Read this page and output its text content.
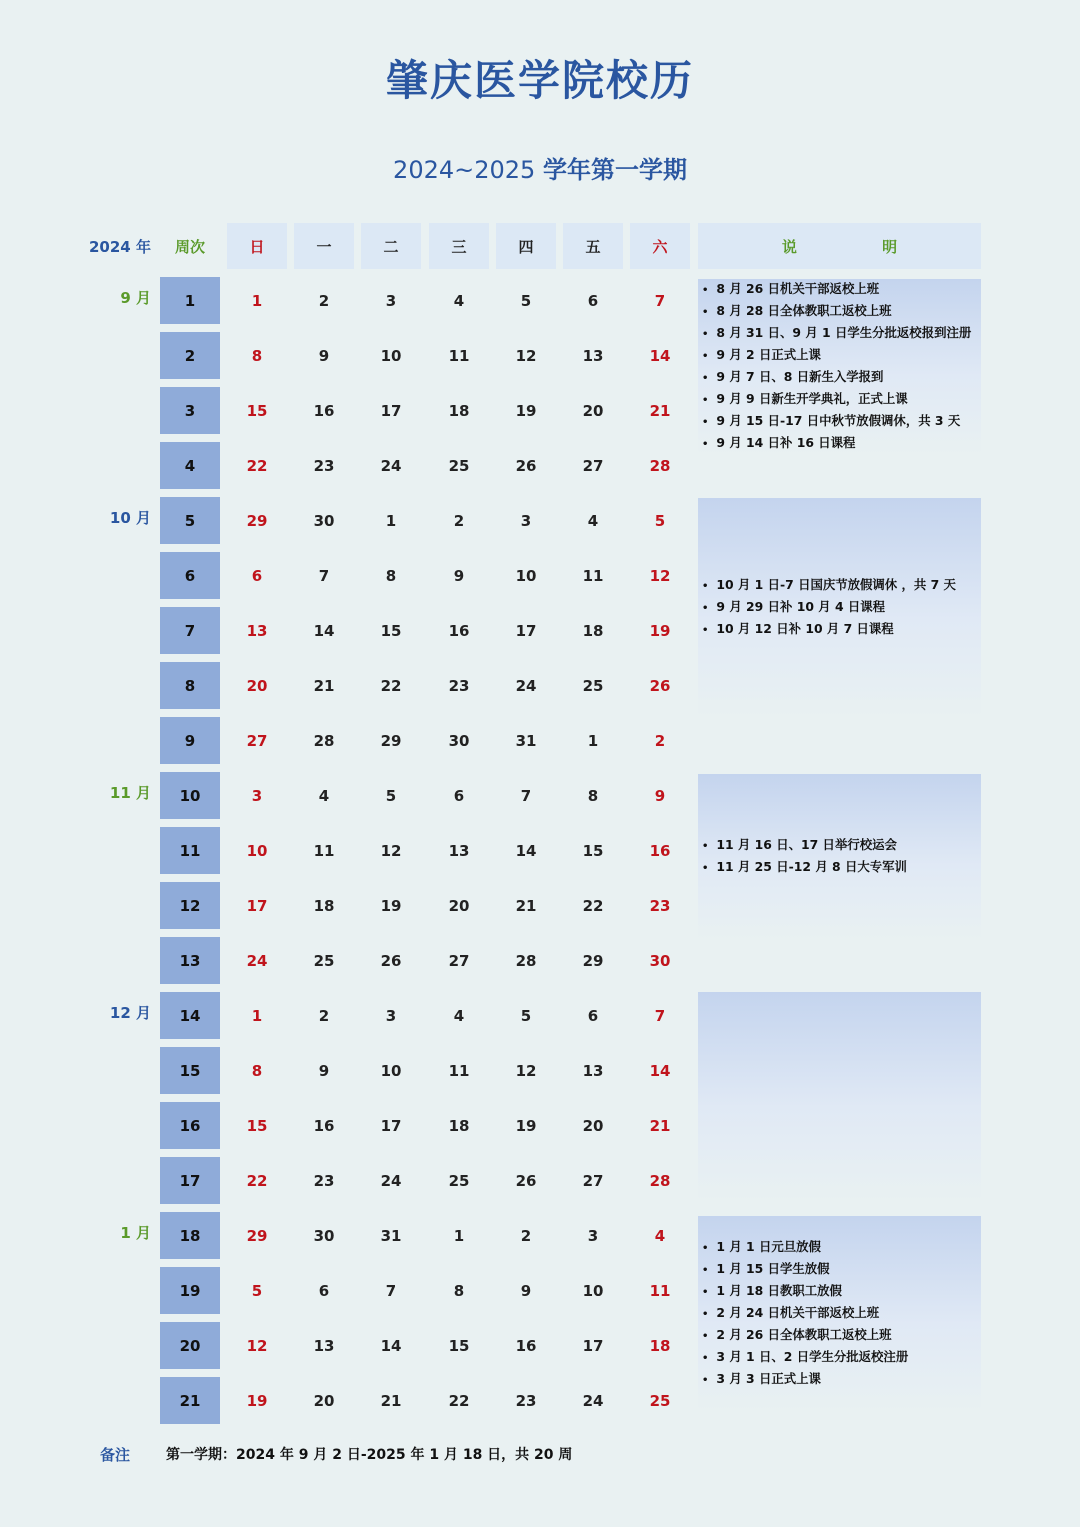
肇庆医学院校历
2024~2025 学年第一学期
2024 年	周次	日	一	二	三	四	五	六	说 明
9 月	1	1	2	3	4	5	6	7
2	8	9	10	11	12	13	14
3	15	16	17	18	19	20	21
4	22	23	24	25	26	27	28
10 月	5	29	30	1	2	3	4	5
6	6	7	8	9	10	11	12
7	13	14	15	16	17	18	19
8	20	21	22	23	24	25	26
9	27	28	29	30	31	1	2
11 月	10	3	4	5	6	7	8	9
11	10	11	12	13	14	15	16
12	17	18	19	20	21	22	23
13	24	25	26	27	28	29	30
12 月	14	1	2	3	4	5	6	7
15	8	9	10	11	12	13	14
16	15	16	17	18	19	20	21
17	22	23	24	25	26	27	28
1 月	18	29	30	31	1	2	3	4
19	5	6	7	8	9	10	11
20	12	13	14	15	16	17	18
21	19	20	21	22	23	24	25
• 8 月 26 日机关干部返校上班
• 8 月 28 日全体教职工返校上班
• 8 月 31 日、9 月 1 日学生分批返校报到注册
• 9 月 2 日正式上课
• 9 月 7 日、8 日新生入学报到
• 9 月 9 日新生开学典礼，正式上课
• 9 月 15 日-17 日中秋节放假调休，共 3 天
• 9 月 14 日补 16 日课程
• 10 月 1 日-7 日国庆节放假调休 ，共 7 天
• 9 月 29 日补 10 月 4 日课程
• 10 月 12 日补 10 月 7 日课程
• 11 月 16 日、17 日举行校运会
• 11 月 25 日-12 月 8 日大专军训
• 1 月 1 日元旦放假
• 1 月 15 日学生放假
• 1 月 18 日教职工放假
• 2 月 24 日机关干部返校上班
• 2 月 26 日全体教职工返校上班
• 3 月 1 日、2 日学生分批返校注册
• 3 月 3 日正式上课
备注	第一学期：2024 年 9 月 2 日-2025 年 1 月 18 日，共 20 周
